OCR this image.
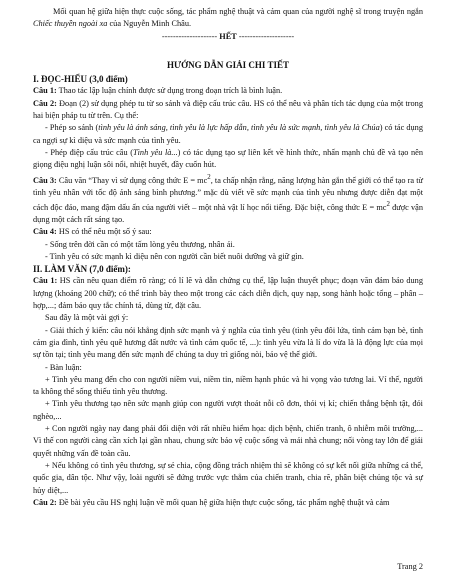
Mối quan hệ giữa hiện thực cuộc sống, tác phẩm nghệ thuật và cảm quan của người nghệ sĩ trong truyện ngắn Chiếc thuyền ngoài xa của Nguyễn Minh Châu.

-------------------- HẾT --------------------

HƯỚNG DẪN GIẢI CHI TIẾT

I. ĐỌC-HIỂU (3,0 điểm)

Câu 1: Thao tác lập luận chính được sử dụng trong đoạn trích là bình luận.

Câu 2: Đoạn (2) sử dụng phép tu từ so sánh và điệp cấu trúc câu. HS có thể nêu và phân tích tác dụng của một trong hai biện pháp tu từ trên. Cụ thể:

- Phép so sánh (tình yêu là ánh sáng, tình yêu là lực hấp dẫn, tình yêu là sức mạnh, tình yêu là Chúa) có tác dụng ca ngợi sự kì diệu và sức mạnh của tình yêu.

- Phép điệp cấu trúc câu (Tình yêu là...) có tác dụng tạo sự liên kết về hình thức, nhấn mạnh chủ đề và tạo nên giọng điệu nghị luận sôi nổi, nhiệt huyết, đầy cuốn hút.

Câu 3: Câu văn “Thay vì sử dụng công thức $E = mc^2$, ta chấp nhận rằng, năng lượng hàn gắn thế giới có thể tạo ra từ tình yêu nhân với tốc độ ánh sáng bình phương.” mặc dù viết về sức mạnh của tình yêu nhưng được diễn đạt một cách độc đáo, mang đậm dấu ấn của người viết – một nhà vật lí học nổi tiếng. Đặc biệt, công thức $E = mc^2$ được vận dụng một cách rất sáng tạo.

Câu 4: HS có thể nêu một số ý sau:

- Sống trên đời cần có một tấm lòng yêu thương, nhân ái.

- Tình yêu có sức mạnh kì diệu nên con người cần biết nuôi dưỡng và giữ gìn.

II. LÀM VĂN (7,0 điểm):

Câu 1: HS cần nêu quan điểm rõ ràng; có lí lẽ và dẫn chứng cụ thể, lập luận thuyết phục; đoạn văn đảm bảo dung lượng (khoảng 200 chữ); có thể trình bày theo một trong các cách diễn dịch, quy nạp, song hành hoặc tổng – phân – hợp,...; đảm bảo quy tắc chính tả, dùng từ, đặt câu.

Sau đây là một vài gợi ý:

- Giải thích ý kiến: câu nói khẳng định sức mạnh và ý nghĩa của tình yêu (tình yêu đôi lứa, tình cảm bạn bè, tình cảm gia đình, tình yêu quê hương đất nước và tình cảm quốc tế, ...): tình yêu vừa là lí do vừa là là động lực của mọi sự tồn tại; tình yêu mang đến sức mạnh để chúng ta duy trì giống nòi, bảo vệ thế giới.

- Bàn luận:

+ Tình yêu mang đến cho con người niềm vui, niềm tin, niềm hạnh phúc và hi vọng vào tương lai. Ví thế, người ta không thể sống thiếu tình yêu thương.

+ Tình yêu thương tạo nên sức mạnh giúp con người vượt thoát nỗi cô đơn, thói vị kỉ; chiến thắng bệnh tật, đói nghèo,...

+ Con người ngày nay đang phải đối diện với rất nhiều hiểm họa: dịch bệnh, chiến tranh, ô nhiễm môi trường,... Vì thế con người càng cần xích lại gần nhau, chung sức bảo vệ cuộc sống và mái nhà chung; nối vòng tay lớn để giải quyết những vấn đề toàn cầu.

+ Nếu không có tình yêu thương, sự sẻ chia, cộng đồng trách nhiệm thì sẽ không có sự kết nối giữa những cá thể, quốc gia, dân tộc. Như vậy, loài người sẽ đứng trước vực thẳm của chiến tranh, chia rẽ, phân biệt chủng tộc và sự hủy diệt,...

Câu 2: Đề bài yêu cầu HS nghị luận về mối quan hệ giữa hiện thực cuộc sống, tác phẩm nghệ thuật và cảm

Trang 2
